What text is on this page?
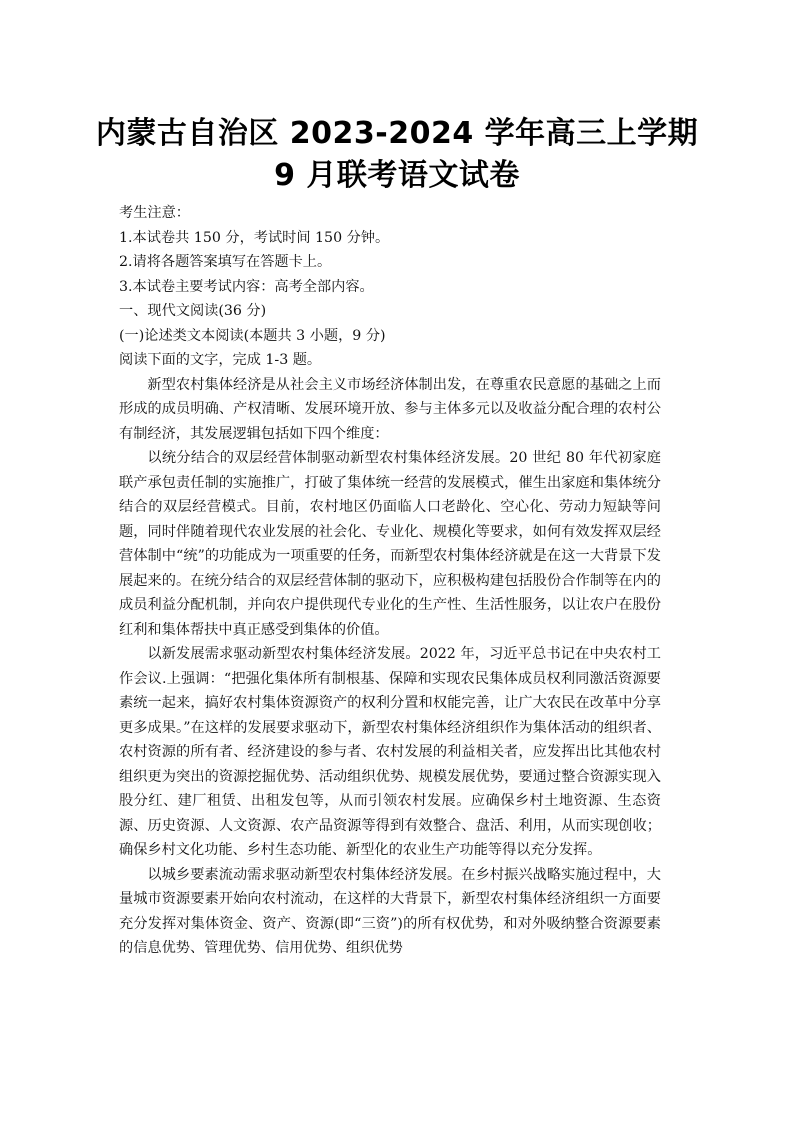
内蒙古自治区 2023-2024 学年高三上学期
9 月联考语文试卷

考生注意：

1.本试卷共 150 分，考试时间 150 分钟。

2.请将各题答案填写在答题卡上。

3.本试卷主要考试内容：高考全部内容。

一、现代文阅读(36 分)

(一)论述类文本阅读(本题共 3 小题，9 分)

阅读下面的文字，完成 1-3 题。

新型农村集体经济是从社会主义市场经济体制出发，在尊重农民意愿的基础之上而形成的成员明确、产权清晰、发展环境开放、参与主体多元以及收益分配合理的农村公有制经济，其发展逻辑包括如下四个维度：

以统分结合的双层经营体制驱动新型农村集体经济发展。20 世纪 80 年代初家庭联产承包责任制的实施推广，打破了集体统一经营的发展模式，催生出家庭和集体统分结合的双层经营模式。目前，农村地区仍面临人口老龄化、空心化、劳动力短缺等问题，同时伴随着现代农业发展的社会化、专业化、规模化等要求，如何有效发挥双层经营体制中“统”的功能成为一项重要的任务，而新型农村集体经济就是在这一大背景下发展起来的。在统分结合的双层经营体制的驱动下，应积极构建包括股份合作制等在内的成员利益分配机制，并向农户提供现代专业化的生产性、生活性服务，以让农户在股份红利和集体帮扶中真正感受到集体的价值。

以新发展需求驱动新型农村集体经济发展。2022 年，习近平总书记在中央农村工作会议.上强调：“把强化集体所有制根基、保障和实现农民集体成员权利同激活资源要素统一起来，搞好农村集体资源资产的权利分置和权能完善，让广大农民在改革中分享更多成果。”在这样的发展要求驱动下，新型农村集体经济组织作为集体活动的组织者、农村资源的所有者、经济建设的参与者、农村发展的利益相关者，应发挥出比其他农村组织更为突出的资源挖掘优势、活动组织优势、规模发展优势，要通过整合资源实现入股分红、建厂租赁、出租发包等，从而引领农村发展。应确保乡村土地资源、生态资源、历史资源、人文资源、农产品资源等得到有效整合、盘活、利用，从而实现创收；确保乡村文化功能、乡村生态功能、新型化的农业生产功能等得以充分发挥。

以城乡要素流动需求驱动新型农村集体经济发展。在乡村振兴战略实施过程中，大量城市资源要素开始向农村流动，在这样的大背景下，新型农村集体经济组织一方面要充分发挥对集体资金、资产、资源(即“三资”)的所有权优势，和对外吸纳整合资源要素的信息优势、管理优势、信用优势、组织优势
